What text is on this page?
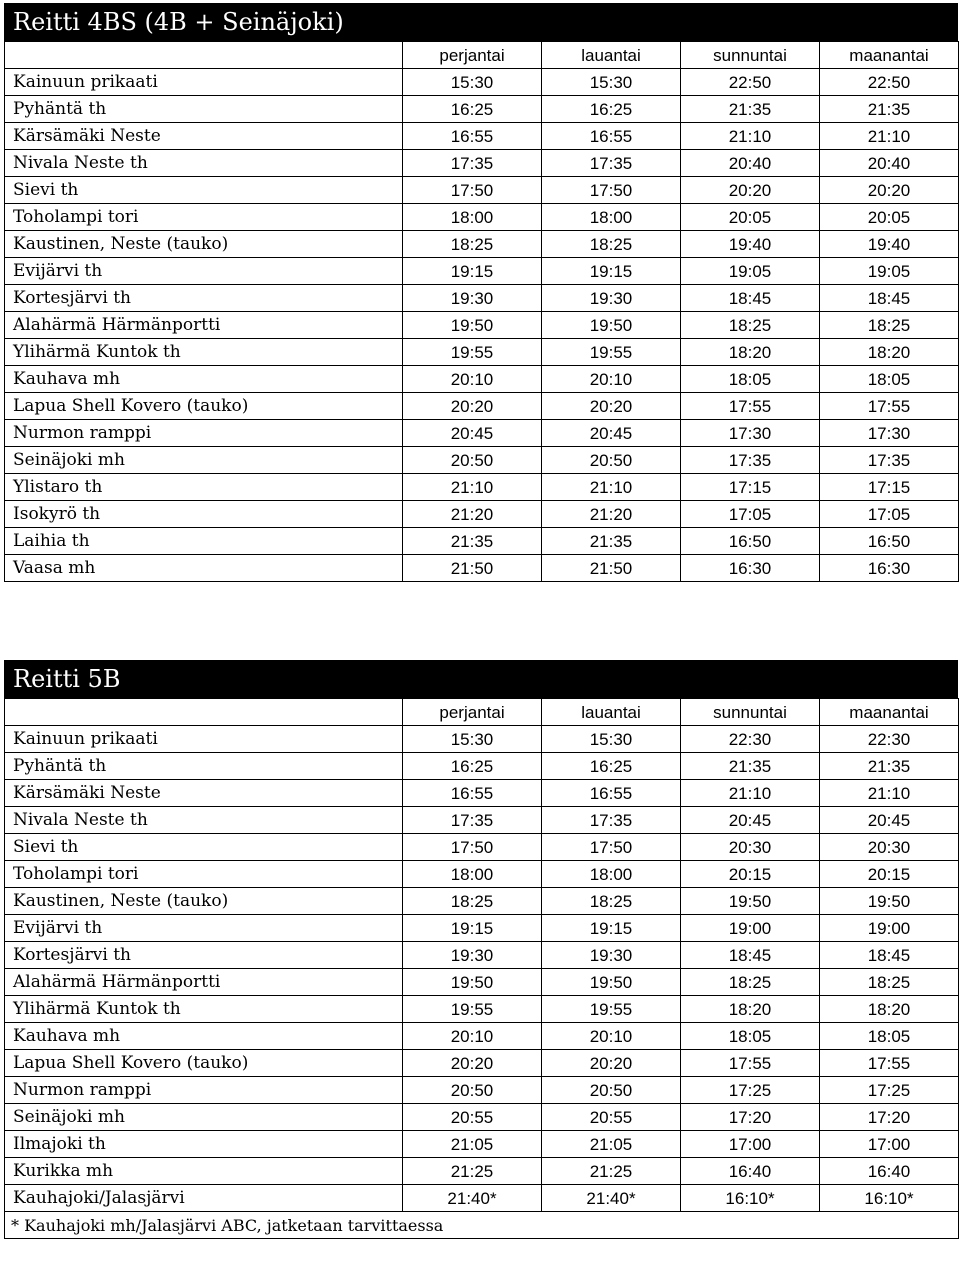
Reitti 4BS (4B + Seinäjoki)
	perjantai	lauantai	sunnuntai	maanantai
Kainuun prikaati	15:30	15:30	22:50	22:50
Pyhäntä th	16:25	16:25	21:35	21:35
Kärsämäki Neste	16:55	16:55	21:10	21:10
Nivala Neste th	17:35	17:35	20:40	20:40
Sievi th	17:50	17:50	20:20	20:20
Toholampi tori	18:00	18:00	20:05	20:05
Kaustinen, Neste (tauko)	18:25	18:25	19:40	19:40
Evijärvi th	19:15	19:15	19:05	19:05
Kortesjärvi th	19:30	19:30	18:45	18:45
Alahärmä Härmänportti	19:50	19:50	18:25	18:25
Ylihärmä Kuntok th	19:55	19:55	18:20	18:20
Kauhava mh	20:10	20:10	18:05	18:05
Lapua Shell Kovero (tauko)	20:20	20:20	17:55	17:55
Nurmon ramppi	20:45	20:45	17:30	17:30
Seinäjoki mh	20:50	20:50	17:35	17:35
Ylistaro th	21:10	21:10	17:15	17:15
Isokyrö th	21:20	21:20	17:05	17:05
Laihia th	21:35	21:35	16:50	16:50
Vaasa mh	21:50	21:50	16:30	16:30
Reitti 5B
	perjantai	lauantai	sunnuntai	maanantai
Kainuun prikaati	15:30	15:30	22:30	22:30
Pyhäntä th	16:25	16:25	21:35	21:35
Kärsämäki Neste	16:55	16:55	21:10	21:10
Nivala Neste th	17:35	17:35	20:45	20:45
Sievi th	17:50	17:50	20:30	20:30
Toholampi tori	18:00	18:00	20:15	20:15
Kaustinen, Neste (tauko)	18:25	18:25	19:50	19:50
Evijärvi th	19:15	19:15	19:00	19:00
Kortesjärvi th	19:30	19:30	18:45	18:45
Alahärmä Härmänportti	19:50	19:50	18:25	18:25
Ylihärmä Kuntok th	19:55	19:55	18:20	18:20
Kauhava mh	20:10	20:10	18:05	18:05
Lapua Shell Kovero (tauko)	20:20	20:20	17:55	17:55
Nurmon ramppi	20:50	20:50	17:25	17:25
Seinäjoki mh	20:55	20:55	17:20	17:20
Ilmajoki th	21:05	21:05	17:00	17:00
Kurikka mh	21:25	21:25	16:40	16:40
Kauhajoki/Jalasjärvi	21:40*	21:40*	16:10*	16:10*
* Kauhajoki mh/Jalasjärvi ABC, jatketaan tarvittaessa				
